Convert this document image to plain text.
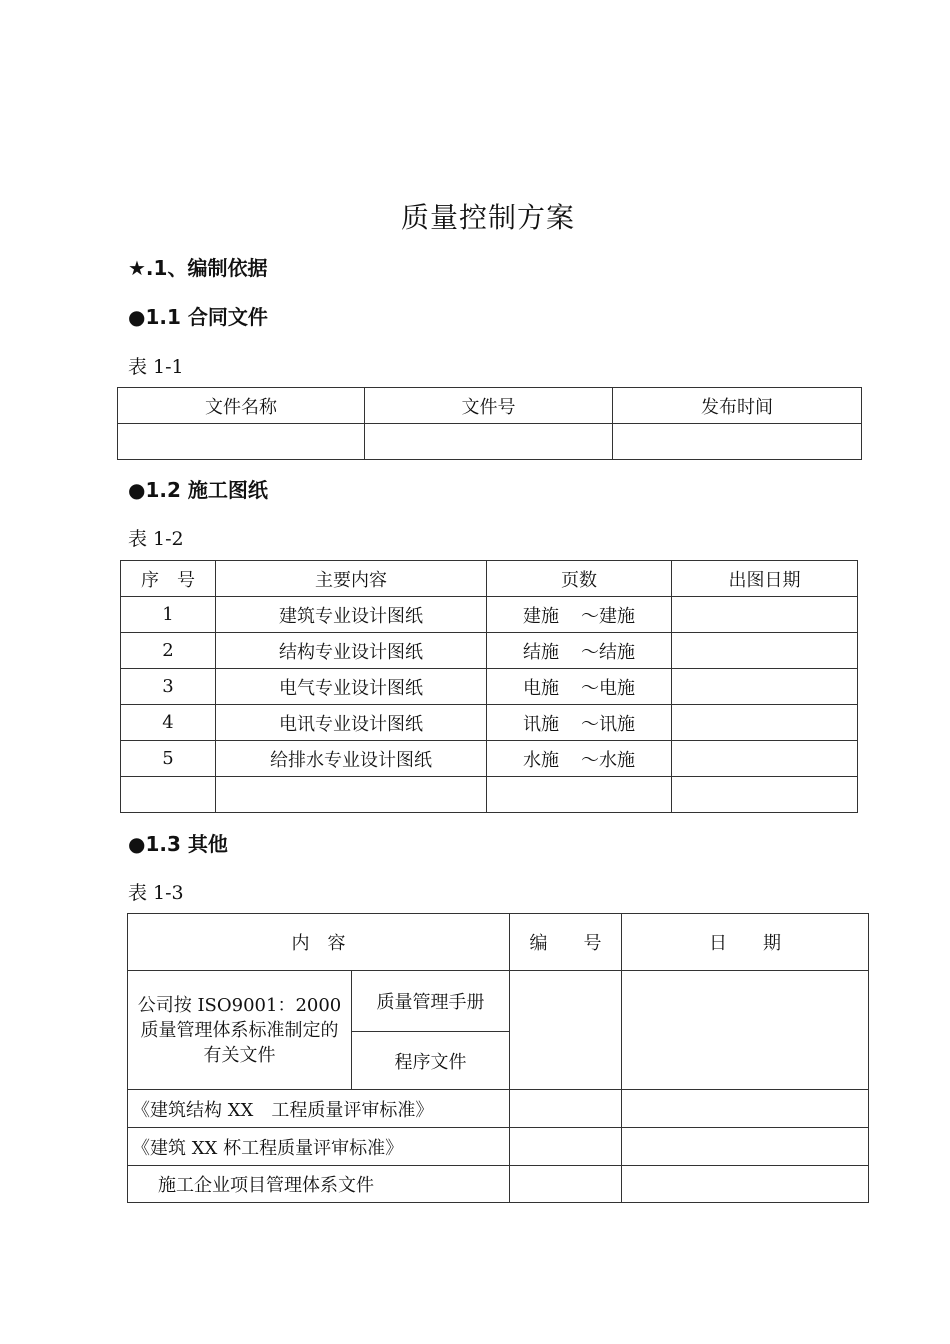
质量控制方案
★.1、编制依据
●1.1 合同文件
表 1-1
文件名称	文件号	发布时间

●1.2 施工图纸
表 1-2
序　号	主要内容	页数	出图日期
1	建筑专业设计图纸	建施 ～建施	
2	结构专业设计图纸	结施 ～结施	
3	电气专业设计图纸	电施 ～电施	
4	电讯专业设计图纸	讯施 ～讯施	
5	给排水专业设计图纸	水施 ～水施	

●1.3 其他
表 1-3
内　容		编　　号	日　　期
公司按 ISO9001：2000 质量管理体系标准制定的有关文件	质量管理手册		
	程序文件		
《建筑结构 XX　工程质量评审标准》			
《建筑 XX 杯工程质量评审标准》			
施工企业项目管理体系文件			
